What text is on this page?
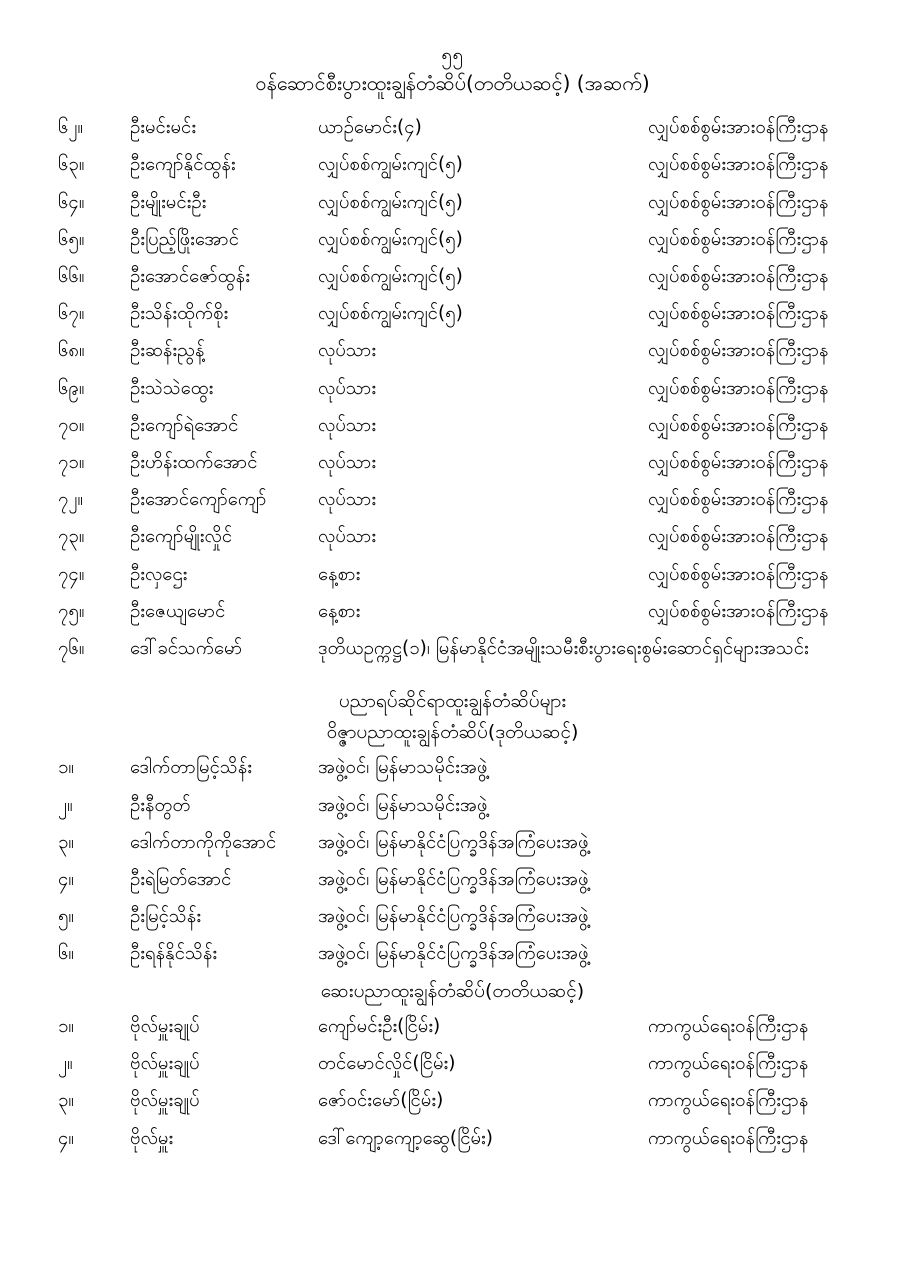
၅၅
ဝန်ဆောင်စီးပွားထူးချွန်တံဆိပ်(တတိယဆင့်) (အဆက်)
၆၂။	ဦးမင်းမင်း	ယာဉ်မောင်း(၄)	လျှပ်စစ်စွမ်းအားဝန်ကြီးဌာန
၆၃။	ဦးကျော်နိုင်ထွန်း	လျှပ်စစ်ကျွမ်းကျင်(၅)	လျှပ်စစ်စွမ်းအားဝန်ကြီးဌာန
၆၄။	ဦးမျိုးမင်းဦး	လျှပ်စစ်ကျွမ်းကျင်(၅)	လျှပ်စစ်စွမ်းအားဝန်ကြီးဌာန
၆၅။	ဦးပြည့်ဖြိုးအောင်	လျှပ်စစ်ကျွမ်းကျင်(၅)	လျှပ်စစ်စွမ်းအားဝန်ကြီးဌာန
၆၆။	ဦးအောင်ဇော်ထွန်း	လျှပ်စစ်ကျွမ်းကျင်(၅)	လျှပ်စစ်စွမ်းအားဝန်ကြီးဌာန
၆၇။	ဦးသိန်းထိုက်စိုး	လျှပ်စစ်ကျွမ်းကျင်(၅)	လျှပ်စစ်စွမ်းအားဝန်ကြီးဌာန
၆၈။	ဦးဆန်းညွန့်	လုပ်သား	လျှပ်စစ်စွမ်းအားဝန်ကြီးဌာန
၆၉။	ဦးသဲသဲထွေး	လုပ်သား	လျှပ်စစ်စွမ်းအားဝန်ကြီးဌာန
၇၀။	ဦးကျော်ရဲအောင်	လုပ်သား	လျှပ်စစ်စွမ်းအားဝန်ကြီးဌာန
၇၁။	ဦးဟိန်းထက်အောင်	လုပ်သား	လျှပ်စစ်စွမ်းအားဝန်ကြီးဌာန
၇၂။	ဦးအောင်ကျော်ကျော်	လုပ်သား	လျှပ်စစ်စွမ်းအားဝန်ကြီးဌာန
၇၃။	ဦးကျော်မျိုးလှိုင်	လုပ်သား	လျှပ်စစ်စွမ်းအားဝန်ကြီးဌာန
၇၄။	ဦးလှဌေး	နေ့စား	လျှပ်စစ်စွမ်းအားဝန်ကြီးဌာန
၇၅။	ဦးဇေယျမောင်	နေ့စား	လျှပ်စစ်စွမ်းအားဝန်ကြီးဌာန
၇၆။	ဒေါ်ခင်သက်မော်	ဒုတိယဥက္ကဋ္ဌ(၁)၊ မြန်မာနိုင်ငံအမျိုးသမီးစီးပွားရေးစွမ်းဆောင်ရှင်များအသင်း	

ပညာရပ်ဆိုင်ရာထူးချွန်တံဆိပ်များ
ဝိဇ္ဇာပညာထူးချွန်တံဆိပ်(ဒုတိယဆင့်)
၁။	ဒေါက်တာမြင့်သိန်း	အဖွဲ့ဝင်၊ မြန်မာသမိုင်းအဖွဲ့
၂။	ဦးနီတွတ်	အဖွဲ့ဝင်၊ မြန်မာသမိုင်းအဖွဲ့
၃။	ဒေါက်တာကိုကိုအောင်	အဖွဲ့ဝင်၊ မြန်မာနိုင်ငံပြက္ခဒိန်အကြံပေးအဖွဲ့
၄။	ဦးရဲမြတ်အောင်	အဖွဲ့ဝင်၊ မြန်မာနိုင်ငံပြက္ခဒိန်အကြံပေးအဖွဲ့
၅။	ဦးမြင့်သိန်း	အဖွဲ့ဝင်၊ မြန်မာနိုင်ငံပြက္ခဒိန်အကြံပေးအဖွဲ့
၆။	ဦးရန်နိုင်သိန်း	အဖွဲ့ဝင်၊ မြန်မာနိုင်ငံပြက္ခဒိန်အကြံပေးအဖွဲ့
ဆေးပညာထူးချွန်တံဆိပ်(တတိယဆင့်)
၁။	ဗိုလ်မှူးချုပ်	ကျော်မင်းဦး(ငြိမ်း)	ကာကွယ်ရေးဝန်ကြီးဌာန
၂။	ဗိုလ်မှူးချုပ်	တင်မောင်လှိုင်(ငြိမ်း)	ကာကွယ်ရေးဝန်ကြီးဌာန
၃။	ဗိုလ်မှူးချုပ်	ဇော်ဝင်းမော်(ငြိမ်း)	ကာကွယ်ရေးဝန်ကြီးဌာန
၄။	ဗိုလ်မှူး	ဒေါ်ကျော့ကျော့ဆွေ(ငြိမ်း)	ကာကွယ်ရေးဝန်ကြီးဌာန
